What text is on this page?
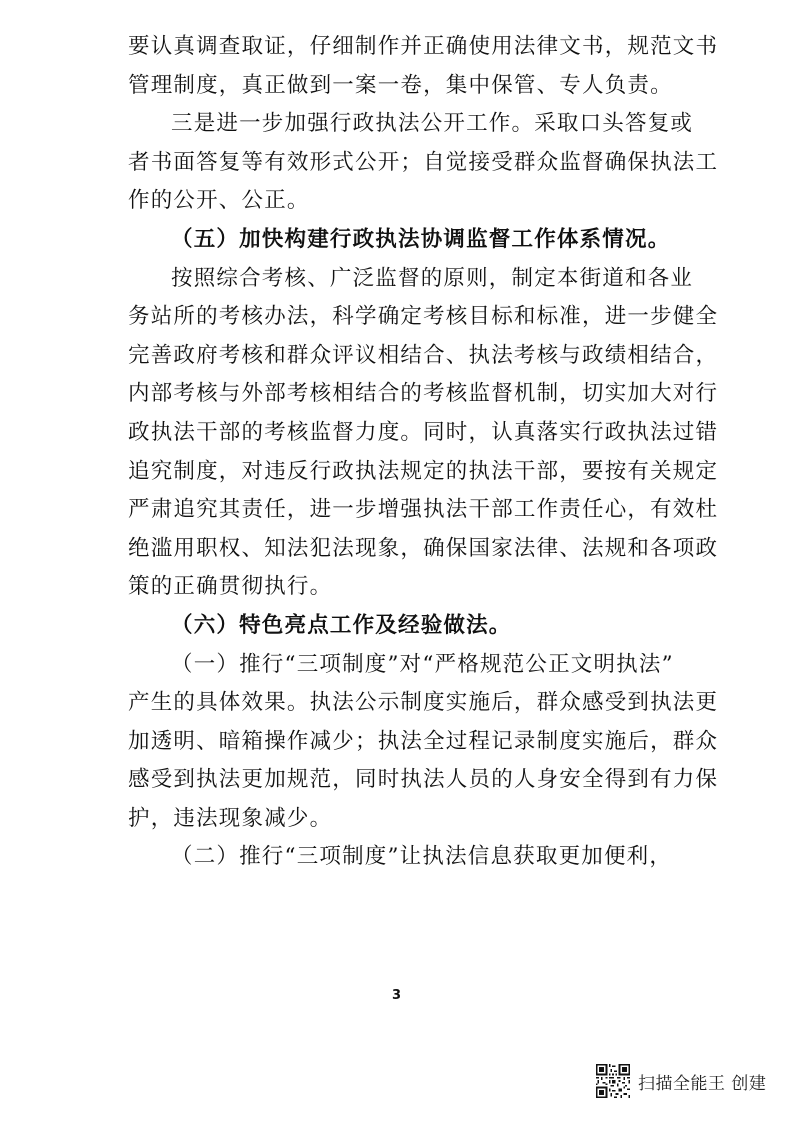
要认真调查取证，仔细制作并正确使用法律文书，规范文书
管理制度，真正做到一案一卷，集中保管、专人负责。
三是进一步加强行政执法公开工作。采取口头答复或
者书面答复等有效形式公开；自觉接受群众监督确保执法工
作的公开、公正。
（五）加快构建行政执法协调监督工作体系情况。
按照综合考核、广泛监督的原则，制定本街道和各业
务站所的考核办法，科学确定考核目标和标准，进一步健全
完善政府考核和群众评议相结合、执法考核与政绩相结合，
内部考核与外部考核相结合的考核监督机制，切实加大对行
政执法干部的考核监督力度。同时，认真落实行政执法过错
追究制度，对违反行政执法规定的执法干部，要按有关规定
严肃追究其责任，进一步增强执法干部工作责任心，有效杜
绝滥用职权、知法犯法现象，确保国家法律、法规和各项政
策的正确贯彻执行。
（六）特色亮点工作及经验做法。
（一）推行“三项制度”对“严格规范公正文明执法”
产生的具体效果。执法公示制度实施后，群众感受到执法更
加透明、暗箱操作减少；执法全过程记录制度实施后，群众
感受到执法更加规范，同时执法人员的人身安全得到有力保
护，违法现象减少。
（二）推行“三项制度”让执法信息获取更加便利，
3
扫描全能王 创建
